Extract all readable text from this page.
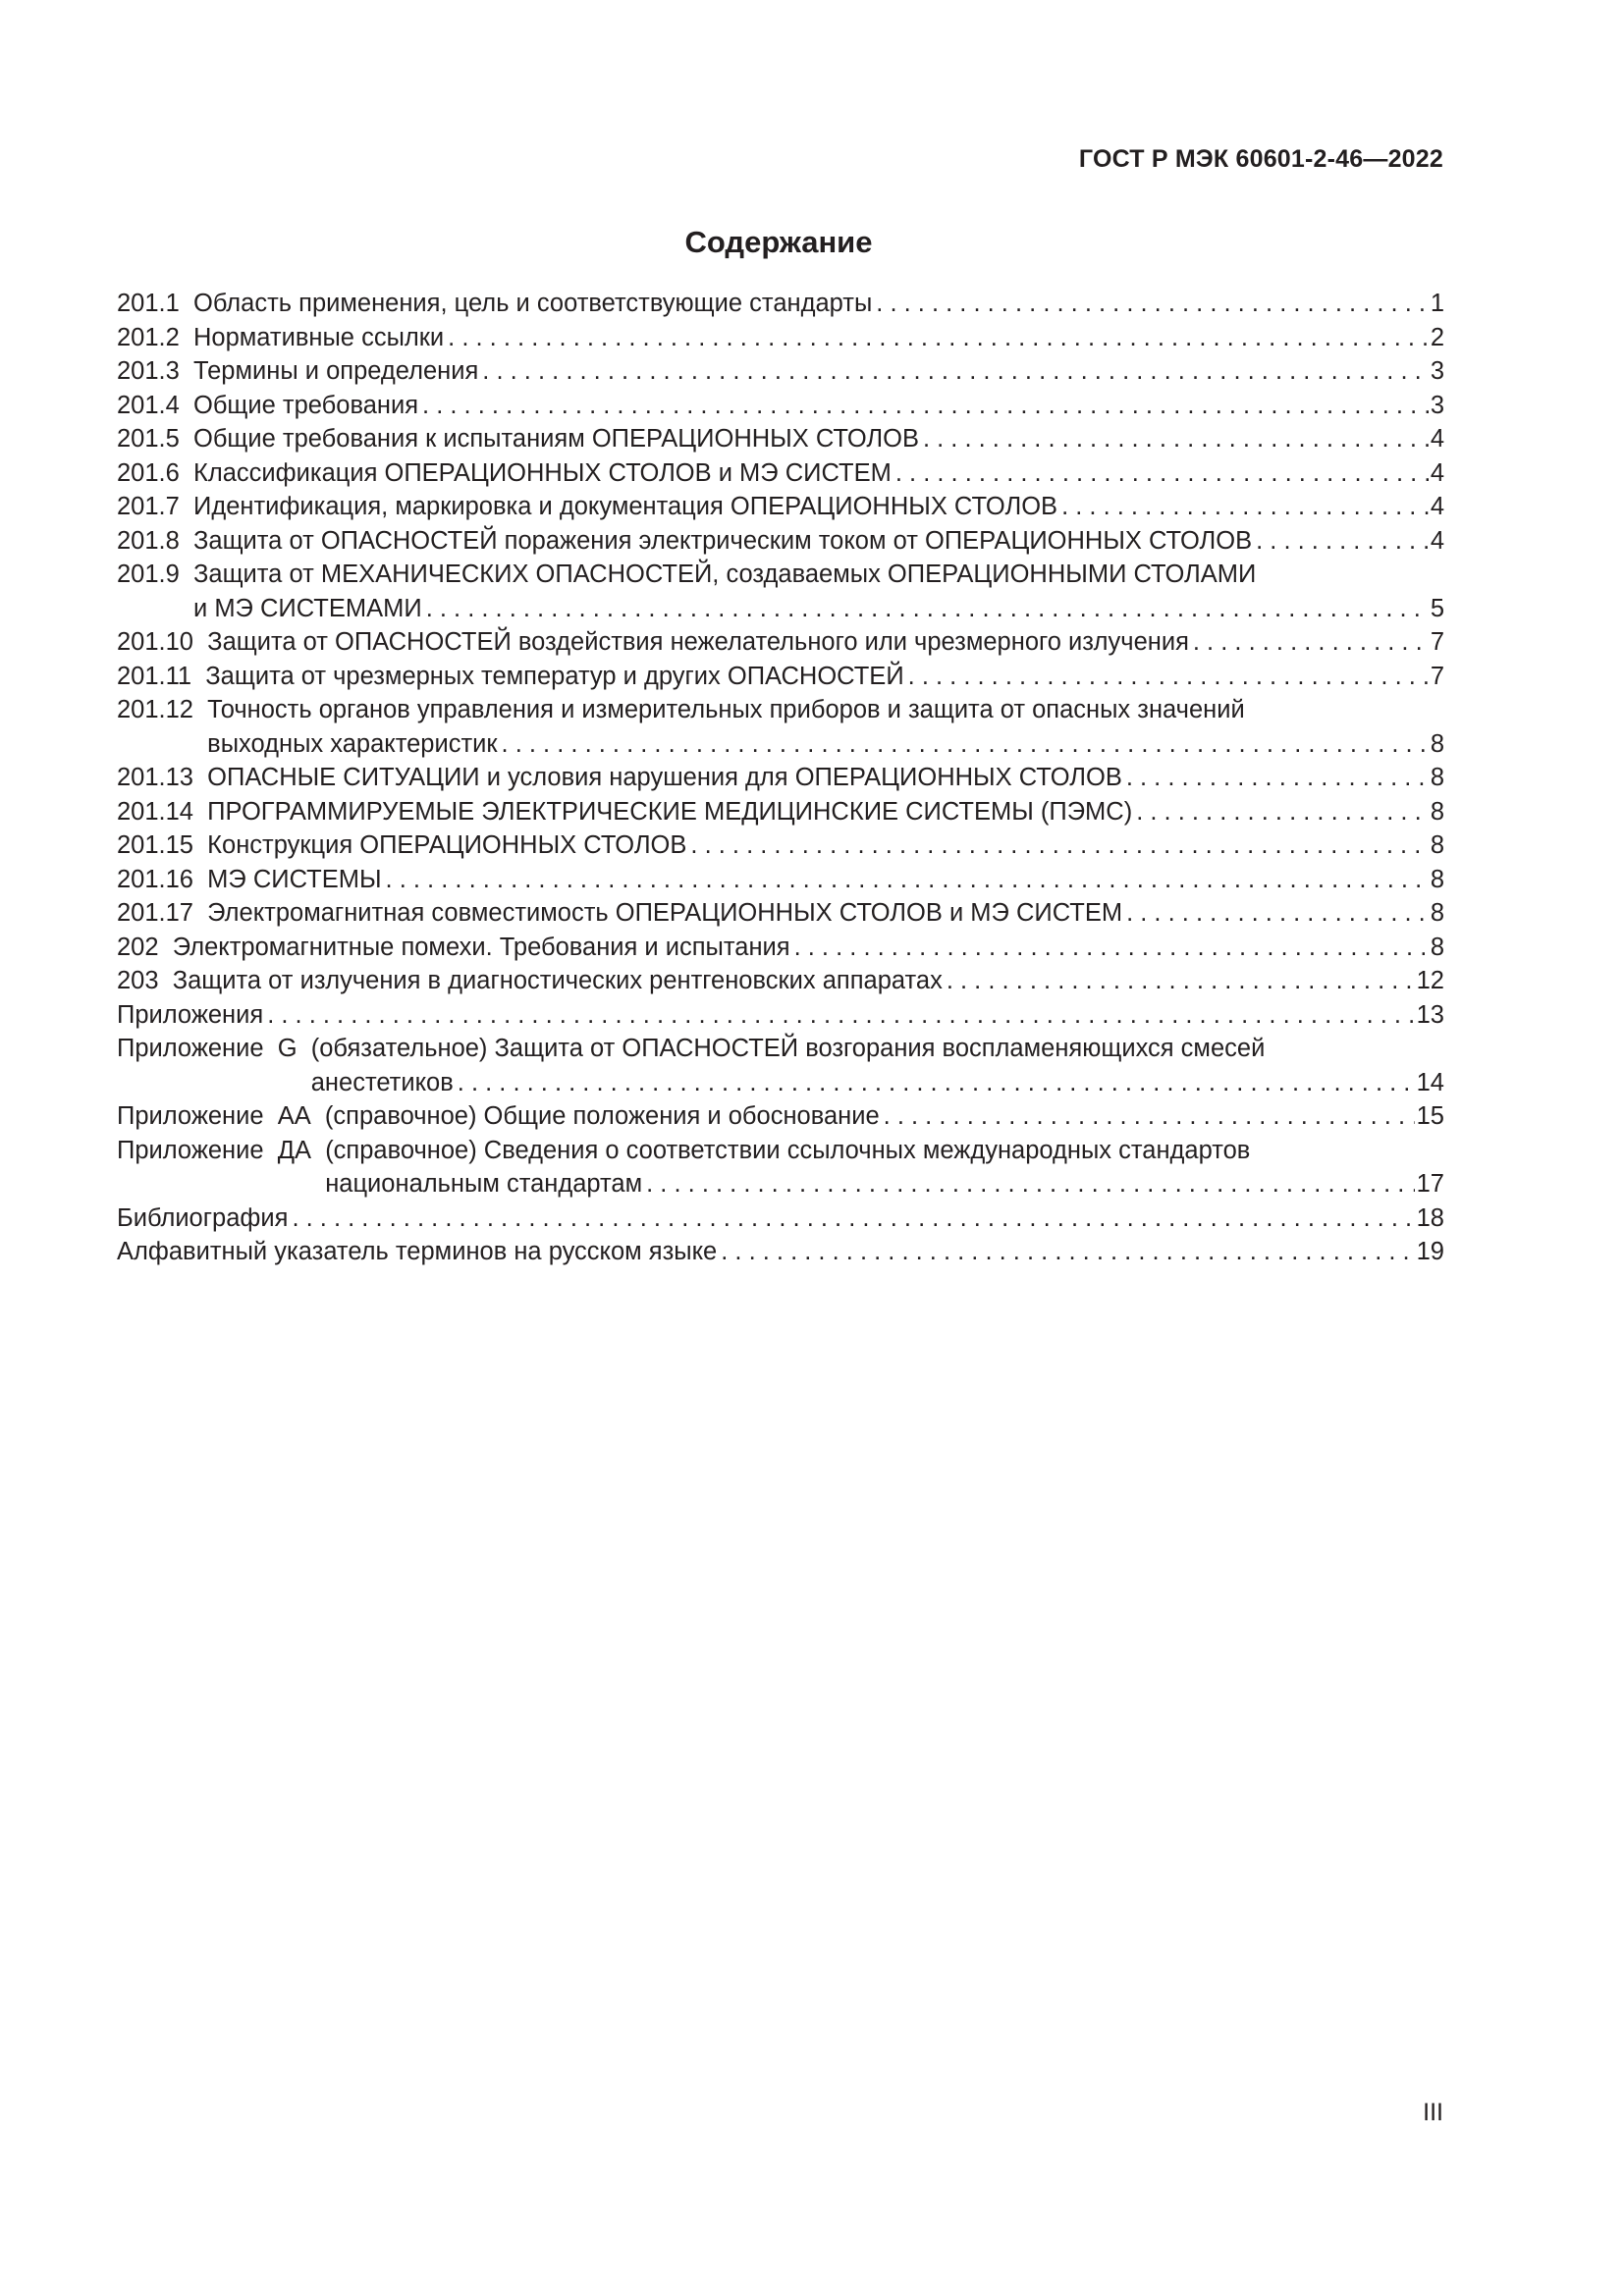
ГОСТ Р МЭК 60601-2-46—2022
Содержание
201.1 Область применения, цель и соответствующие стандарты . . .	1
201.2 Нормативные ссылки . . .	2
201.3 Термины и определения . . .	3
201.4 Общие требования . . .	3
201.5 Общие требования к испытаниям ОПЕРАЦИОННЫХ СТОЛОВ . . .	4
201.6 Классификация ОПЕРАЦИОННЫХ СТОЛОВ и МЭ СИСТЕМ . . .	4
201.7 Идентификация, маркировка и документация ОПЕРАЦИОННЫХ СТОЛОВ . . .	4
201.8 Защита от ОПАСНОСТЕЙ поражения электрическим током от ОПЕРАЦИОННЫХ СТОЛОВ . . .	4
201.9 Защита от МЕХАНИЧЕСКИХ ОПАСНОСТЕЙ, создаваемых ОПЕРАЦИОННЫМИ СТОЛАМИ
и МЭ СИСТЕМАМИ . . .	5
201.10 Защита от ОПАСНОСТЕЙ воздействия нежелательного или чрезмерного излучения . . .	7
201.11 Защита от чрезмерных температур и других ОПАСНОСТЕЙ . . .	7
201.12 Точность органов управления и измерительных приборов и защита от опасных значений
выходных характеристик . . .	8
201.13 ОПАСНЫЕ СИТУАЦИИ и условия нарушения для ОПЕРАЦИОННЫХ СТОЛОВ . . .	8
201.14 ПРОГРАММИРУЕМЫЕ ЭЛЕКТРИЧЕСКИЕ МЕДИЦИНСКИЕ СИСТЕМЫ (ПЭМС) . . .	8
201.15 Конструкция ОПЕРАЦИОННЫХ СТОЛОВ . . .	8
201.16 МЭ СИСТЕМЫ . . .	8
201.17 Электромагнитная совместимость ОПЕРАЦИОННЫХ СТОЛОВ и МЭ СИСТЕМ . . .	8
202 Электромагнитные помехи. Требования и испытания . . .	8
203 Защита от излучения в диагностических рентгеновских аппаратах . . .	12
Приложения . . .	13
Приложение  G (обязательное) Защита от ОПАСНОСТЕЙ возгорания воспламеняющихся смесей
анестетиков . . .	14
Приложение  АА (справочное) Общие положения и обоснование . . .	15
Приложение  ДА (справочное) Сведения о соответствии ссылочных международных стандартов
национальным стандартам . . .	17
Библиография . . .	18
Алфавитный указатель терминов на русском языке . . .	19
III
